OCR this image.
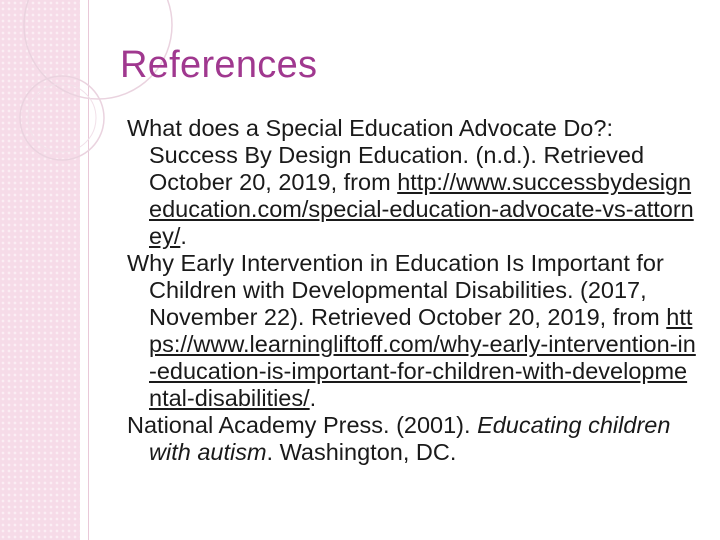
References

What does a Special Education Advocate Do?: Success By Design Education. (n.d.). Retrieved October 20, 2019, from http://www.successbydesigneducation.com/special-education-advocate-vs-attorney/.

Why Early Intervention in Education Is Important for Children with Developmental Disabilities. (2017, November 22). Retrieved October 20, 2019, from https://www.learningliftoff.com/why-early-intervention-in-education-is-important-for-children-with-developmental-disabilities/.

National Academy Press. (2001). Educating children with autism. Washington, DC.
